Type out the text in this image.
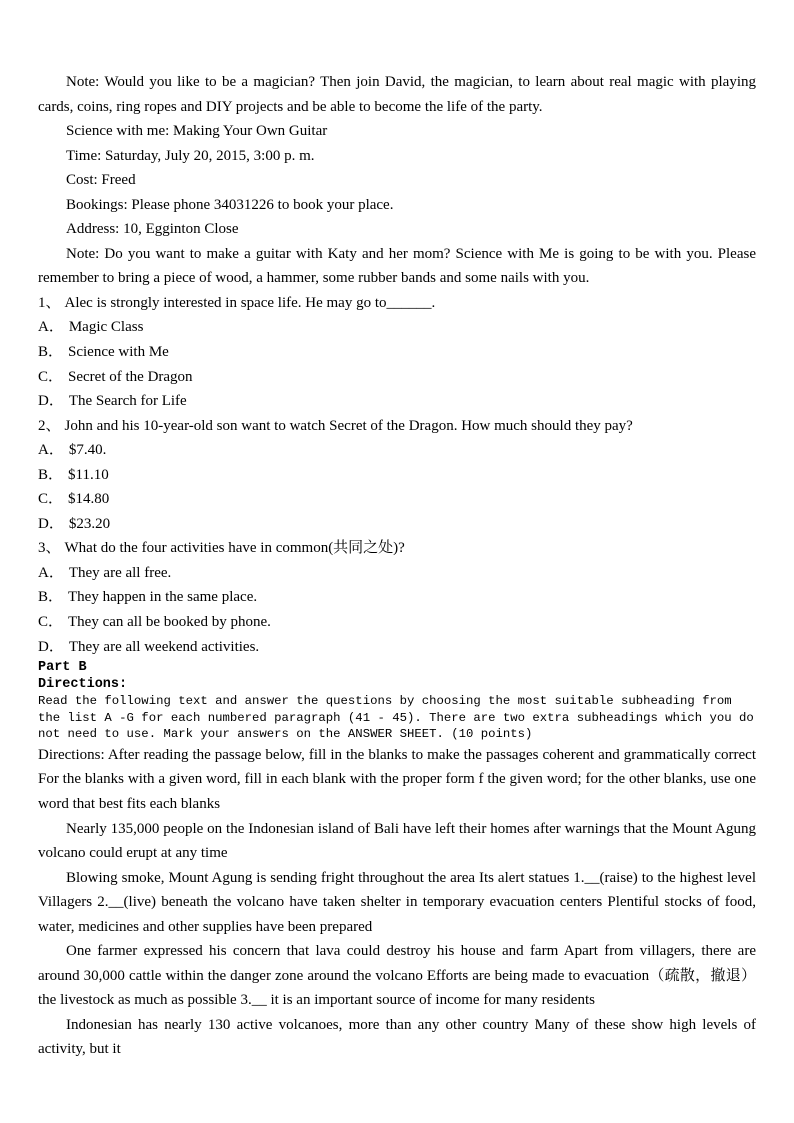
Note: Would you like to be a magician? Then join David, the magician, to learn about real magic with playing cards, coins, ring ropes and DIY projects and be able to become the life of the party.

Science with me: Making Your Own Guitar

Time: Saturday, July 20, 2015, 3:00 p. m.

Cost: Freed

Bookings: Please phone 34031226 to book your place.

Address: 10, Egginton Close

Note: Do you want to make a guitar with Katy and her mom? Science with Me is going to be with you. Please remember to bring a piece of wood, a hammer, some rubber bands and some nails with you.

1、 Alec is strongly interested in space life. He may go to______.
A． Magic Class
B． Science with Me
C． Secret of the Dragon
D． The Search for Life
2、 John and his 10-year-old son want to watch Secret of the Dragon. How much should they pay?
A． $7.40.
B． $11.10
C． $14.80
D． $23.20
3、 What do the four activities have in common(共同之处)?
A． They are all free.
B． They happen in the same place.
C． They can all be booked by phone.
D． They are all weekend activities.
Part B
Directions:
Read the following text and answer the questions by choosing the most suitable subheading from the list A -G for each numbered paragraph (41 - 45). There are two extra subheadings which you do not need to use. Mark your answers on the ANSWER SHEET. (10 points)

Directions: After reading the passage below, fill in the blanks to make the passages coherent and grammatically correct For the blanks with a given word, fill in each blank with the proper form f the given word; for the other blanks, use one word that best fits each blanks

Nearly 135,000 people on the Indonesian island of Bali have left their homes after warnings that the Mount Agung volcano could erupt at any time

Blowing smoke, Mount Agung is sending fright throughout the area Its alert statues 1.__(raise) to the highest level Villagers 2.__(live) beneath the volcano have taken shelter in temporary evacuation centers Plentiful stocks of food, water, medicines and other supplies have been prepared

One farmer expressed his concern that lava could destroy his house and farm Apart from villagers, there are around 30,000 cattle within the danger zone around the volcano Efforts are being made to evacuation（疏散，撤退） the livestock as much as possible 3.__ it is an important source of income for many residents

Indonesian has nearly 130 active volcanoes, more than any other country Many of these show high levels of activity, but it
